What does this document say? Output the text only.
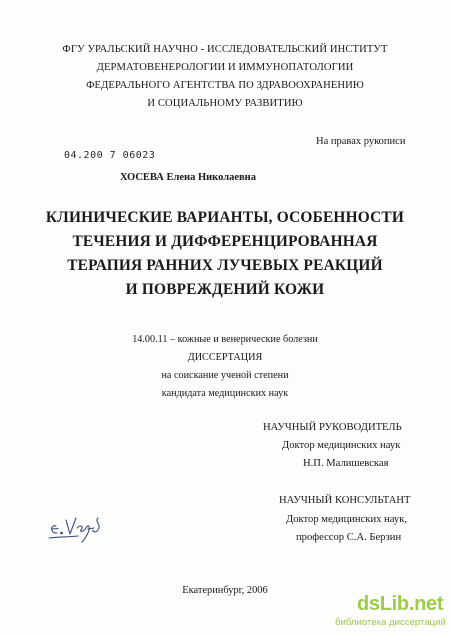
ФГУ УРАЛЬСКИЙ НАУЧНО - ИССЛЕДОВАТЕЛЬСКИЙ ИНСТИТУТ
ДЕРМАТОВЕНЕРОЛОГИИ И ИММУНОПАТОЛОГИИ
ФЕДЕРАЛЬНОГО АГЕНТСТВА ПО ЗДРАВООХРАНЕНИЮ
И СОЦИАЛЬНОМУ РАЗВИТИЮ
На правах рукописи
04.200 7 06023
ХОСЕВА Елена Николаевна
КЛИНИЧЕСКИЕ ВАРИАНТЫ, ОСОБЕННОСТИ
ТЕЧЕНИЯ И ДИФФЕРЕНЦИРОВАННАЯ
ТЕРАПИЯ РАННИХ ЛУЧЕВЫХ РЕАКЦИЙ
И ПОВРЕЖДЕНИЙ КОЖИ
14.00.11 – кожные и венерические болезни
ДИССЕРТАЦИЯ
на соискание ученой степени
кандидата медицинских наук
НАУЧНЫЙ РУКОВОДИТЕЛЬ
Доктор медицинских наук
Н.П. Малишевская
НАУЧНЫЙ КОНСУЛЬТАНТ
Доктор медицинских наук,
профессор С.А. Берзин
Екатеринбург, 2006
dsLib.net
библиотека диссертаций
